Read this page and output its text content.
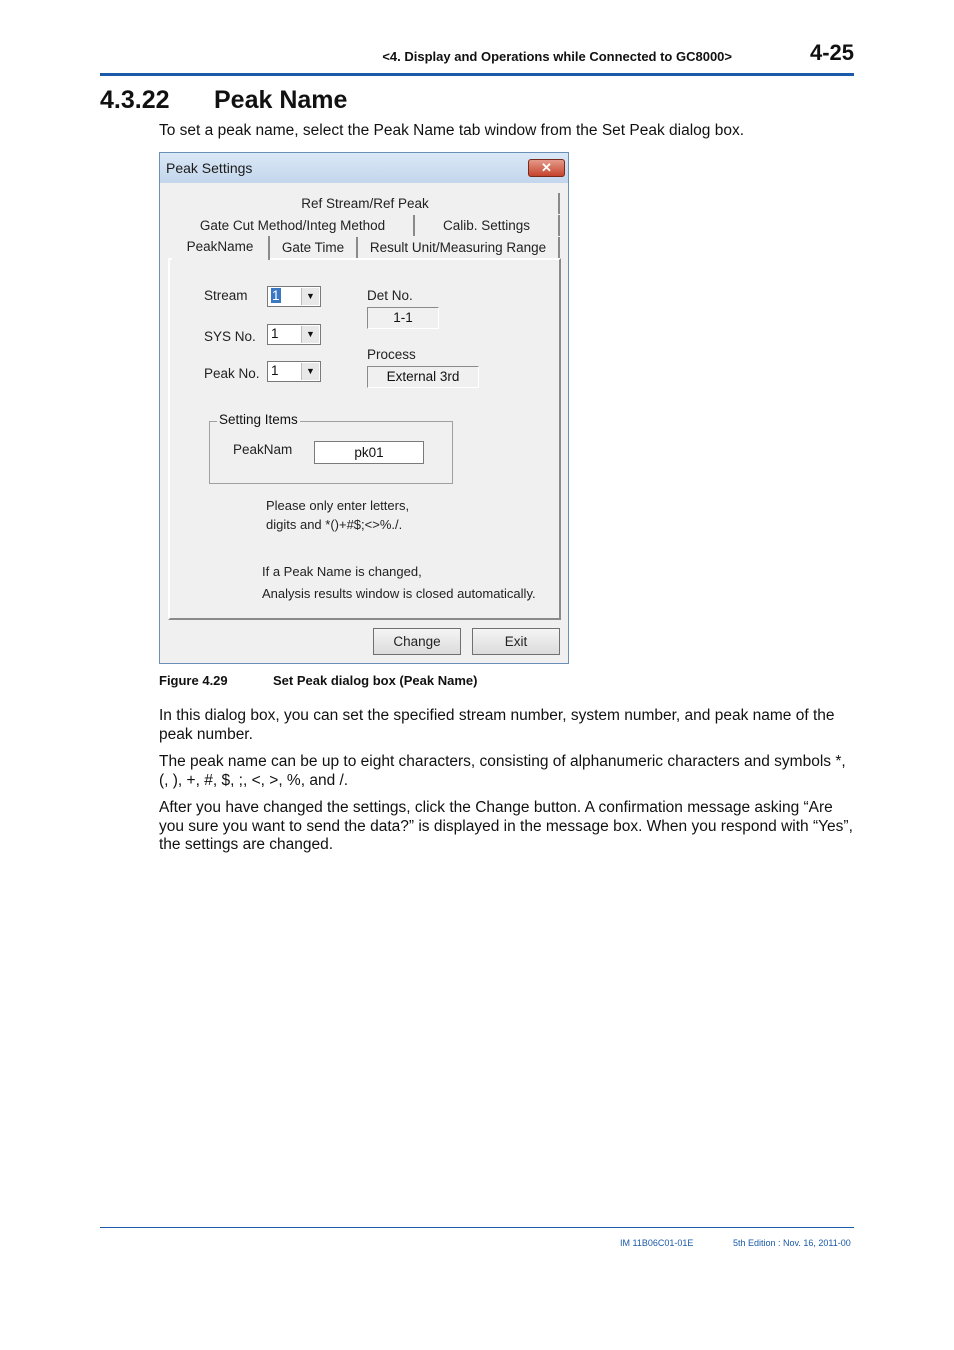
<4. Display and Operations while Connected to GC8000>	4-25
4.3.22 Peak Name
To set a peak name, select the Peak Name tab window from the Set Peak dialog box.
Peak Settings	✕
Ref Stream/Ref Peak
Gate Cut Method/Integ Method	Calib. Settings
PeakName	Gate Time	Result Unit/Measuring Range
Stream 1	▼
SYS No. 1	▼
Peak No. 1	▼
Det No.
1-1
Process
External 3rd
Setting Items
PeakNam	pk01
Please only enter letters,
digits and *()+#$;<>%./.
If a Peak Name is changed,
Analysis results window is closed automatically.
Change	Exit
Figure 4.29	Set Peak dialog box (Peak Name)
In this dialog box, you can set the specified stream number, system number, and peak name of the peak number.
The peak name can be up to eight characters, consisting of alphanumeric characters and symbols *, (, ), +, #, $, ;, <, >, %, and /.
After you have changed the settings, click the Change button. A confirmation message asking “Are you sure you want to send the data?” is displayed in the message box. When you respond with “Yes”, the settings are changed.
IM 11B06C01-01E	5th Edition : Nov. 16, 2011-00
